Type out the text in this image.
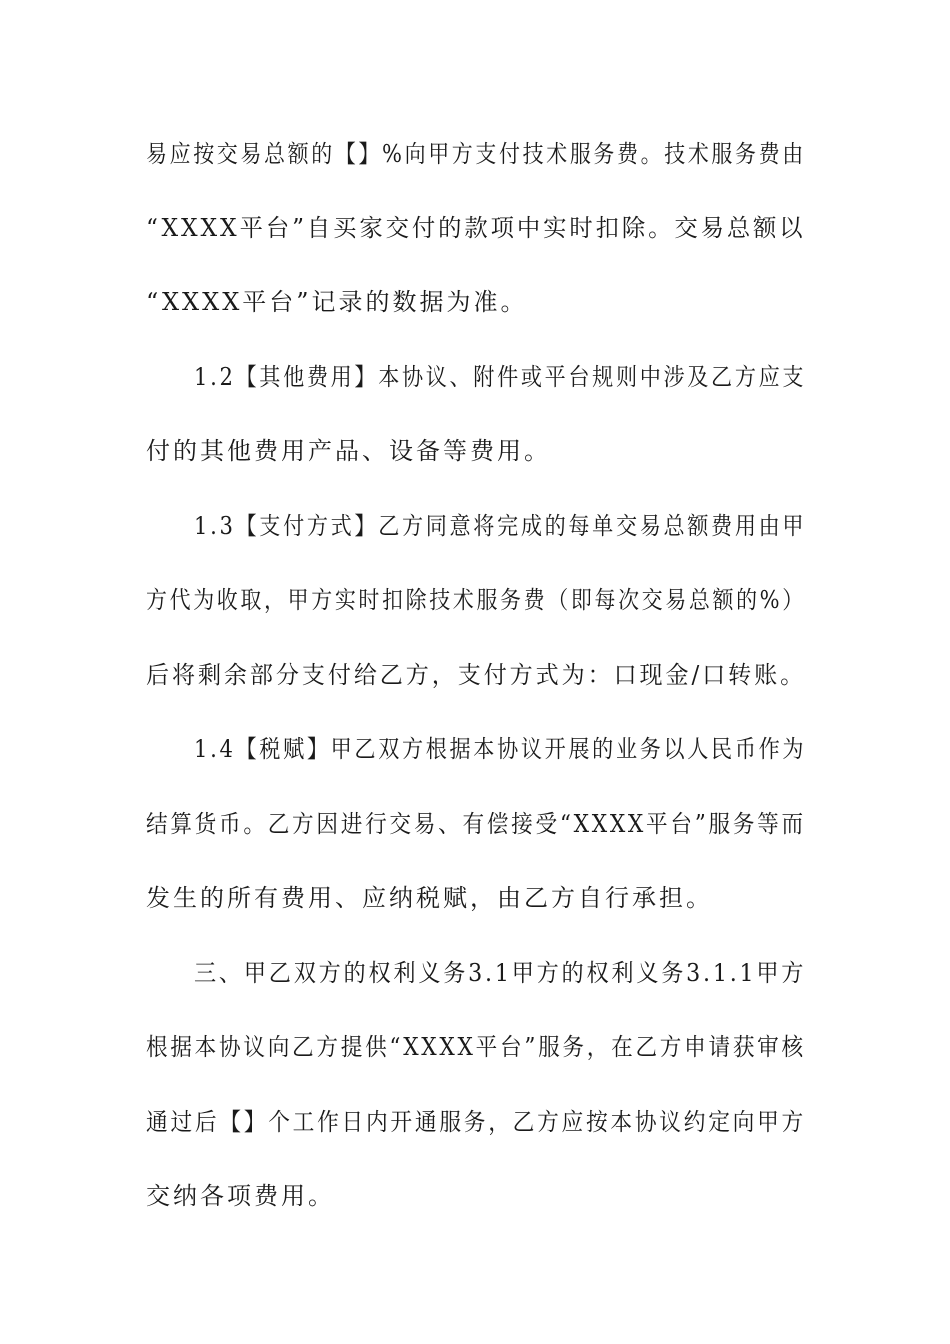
易应按交易总额的【】%向甲方支付技术服务费。技术服务费由
“XXXX平台”自买家交付的款项中实时扣除。交易总额以
“XXXX平台”记录的数据为准。
1.2【其他费用】本协议、附件或平台规则中涉及乙方应支
付的其他费用产品、设备等费用。
1.3【支付方式】乙方同意将完成的每单交易总额费用由甲
方代为收取，甲方实时扣除技术服务费（即每次交易总额的%）
后将剩余部分支付给乙方，支付方式为：口现金/口转账。
1.4【税赋】甲乙双方根据本协议开展的业务以人民币作为
结算货币。乙方因进行交易、有偿接受“XXXX平台”服务等而
发生的所有费用、应纳税赋，由乙方自行承担。
三、甲乙双方的权利义务3.1甲方的权利义务3.1.1甲方
根据本协议向乙方提供“XXXX平台”服务，在乙方申请获审核
通过后【】个工作日内开通服务，乙方应按本协议约定向甲方
交纳各项费用。
